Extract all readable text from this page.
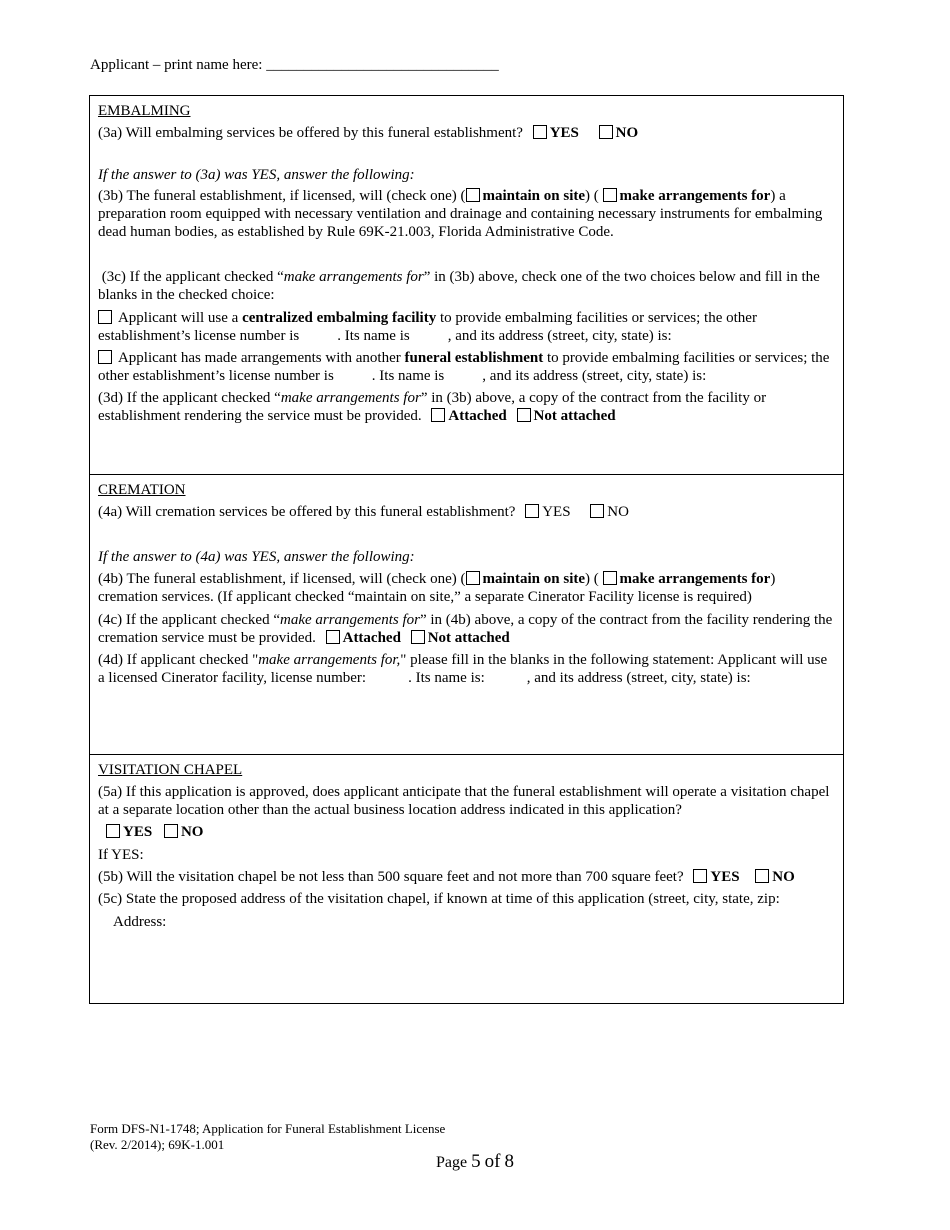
Applicant – print name here: _______________________________
EMBALMING
(3a) Will embalming services be offered by this funeral establishment? YES NO
If the answer to (3a) was YES, answer the following:
(3b) The funeral establishment, if licensed, will (check one) ( maintain on site) ( make arrangements for) a preparation room equipped with necessary ventilation and drainage and containing necessary instruments for embalming dead human bodies, as established by Rule 69K-21.003, Florida Administrative Code.
(3c) If the applicant checked “make arrangements for” in (3b) above, check one of the two choices below and fill in the blanks in the checked choice:
Applicant will use a centralized embalming facility to provide embalming facilities or services; the other establishment’s license number is	. Its name is	, and its address (street, city, state) is:
Applicant has made arrangements with another funeral establishment to provide embalming facilities or services; the other establishment’s license number is	. Its name is	, and its address (street, city, state) is:
(3d) If the applicant checked “make arrangements for” in (3b) above, a copy of the contract from the facility or establishment rendering the service must be provided. Attached Not attached
CREMATION
(4a) Will cremation services be offered by this funeral establishment? YES NO
If the answer to (4a) was YES, answer the following:
(4b) The funeral establishment, if licensed, will (check one) ( maintain on site) ( make arrangements for) cremation services. (If applicant checked “maintain on site,” a separate Cinerator Facility license is required)
(4c) If the applicant checked “make arrangements for” in (4b) above, a copy of the contract from the facility rendering the cremation service must be provided. Attached Not attached
(4d) If applicant checked "make arrangements for," please fill in the blanks in the following statement: Applicant will use a licensed Cinerator facility, license number:	. Its name is:	, and its address (street, city, state) is:
VISITATION CHAPEL
(5a) If this application is approved, does applicant anticipate that the funeral establishment will operate a visitation chapel at a separate location other than the actual business location address indicated in this application?
YES NO
If YES:
(5b) Will the visitation chapel be not less than 500 square feet and not more than 700 square feet? YES NO
(5c) State the proposed address of the visitation chapel, if known at time of this application (street, city, state, zip:
Address:
Form DFS-N1-1748; Application for Funeral Establishment License
(Rev. 2/2014); 69K-1.001
Page 5 of 8
